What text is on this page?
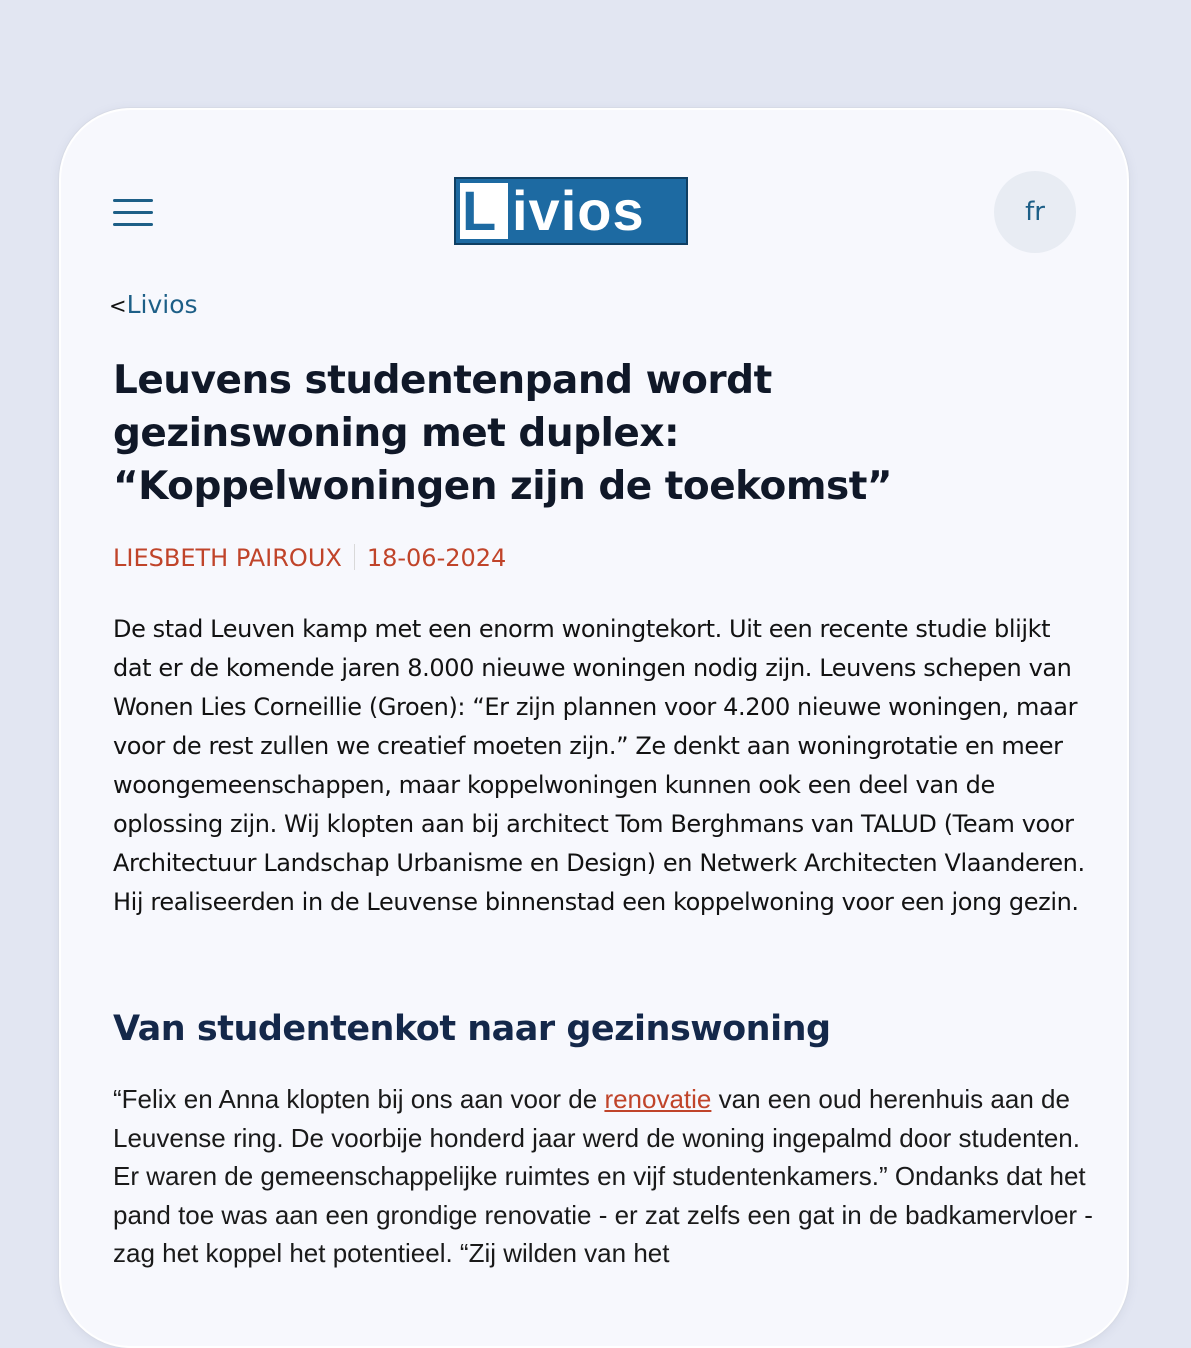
L ivios	fr
<Livios
Leuvens studentenpand wordt gezinswoning met duplex: “Koppelwoningen zijn de toekomst”
LIESBETH PAIROUX 18-06-2024

De stad Leuven kamp met een enorm woningtekort. Uit een recente studie blijkt dat er de komende jaren 8.000 nieuwe woningen nodig zijn. Leuvens schepen van Wonen Lies Corneillie (Groen): “Er zijn plannen voor 4.200 nieuwe woningen, maar voor de rest zullen we creatief moeten zijn.” Ze denkt aan woningrotatie en meer woongemeenschappen, maar koppelwoningen kunnen ook een deel van de oplossing zijn. Wij klopten aan bij architect Tom Berghmans van TALUD (Team voor Architectuur Landschap Urbanisme en Design) en Netwerk Architecten Vlaanderen. Hij realiseerden in de Leuvense binnenstad een koppelwoning voor een jong gezin.

Van studentenkot naar gezinswoning

“Felix en Anna klopten bij ons aan voor de renovatie van een oud herenhuis aan de Leuvense ring. De voorbije honderd jaar werd de woning ingepalmd door studenten. Er waren de gemeenschappelijke ruimtes en vijf studentenkamers.” Ondanks dat het pand toe was aan een grondige renovatie - er zat zelfs een gat in de badkamervloer - zag het koppel het potentieel. “Zij wilden van het
